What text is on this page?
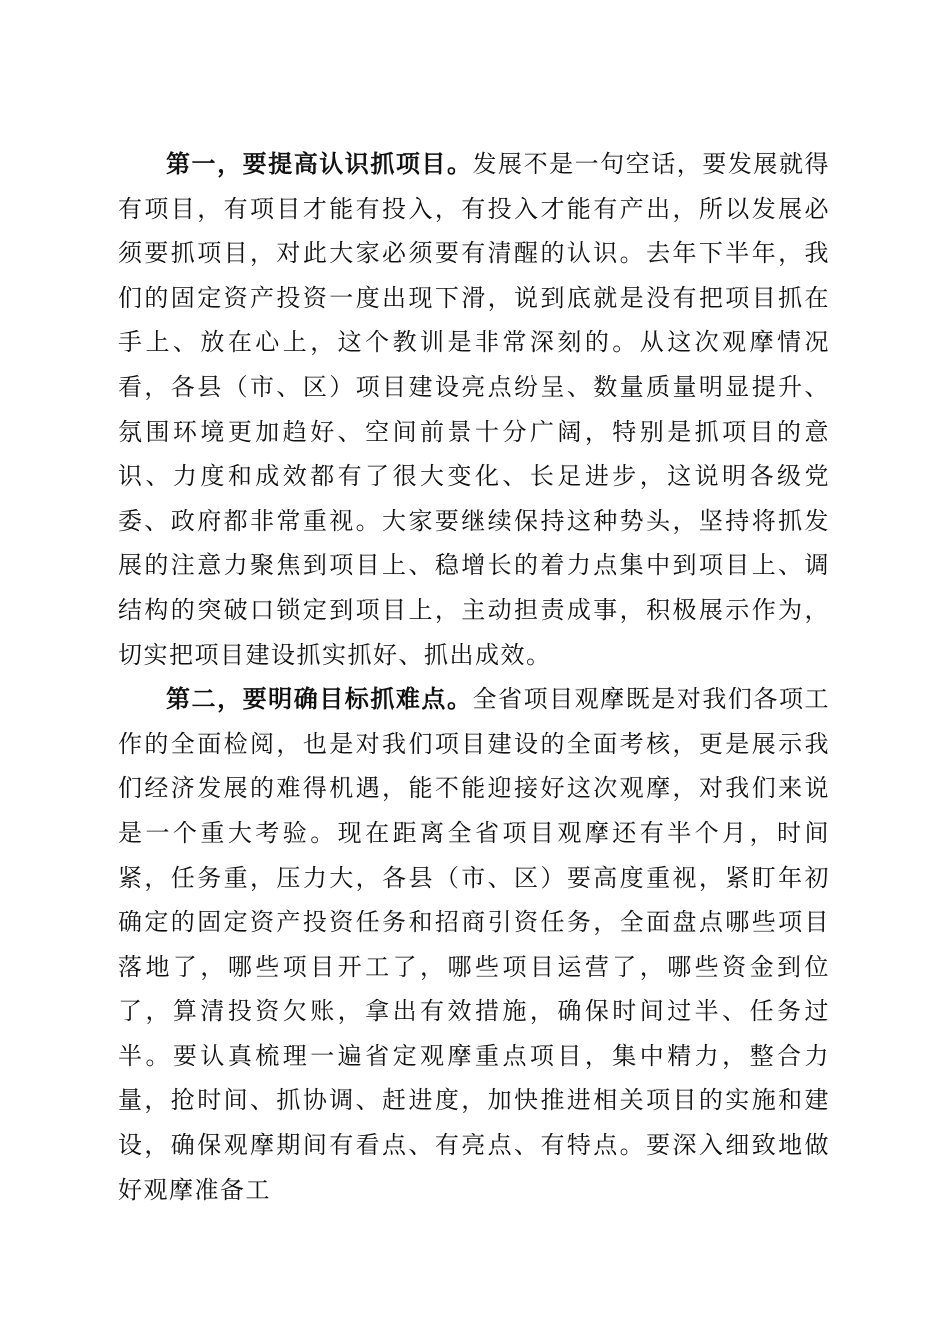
第一，要提高认识抓项目。发展不是一句空话，要发展就得有项目，有项目才能有投入，有投入才能有产出，所以发展必须要抓项目，对此大家必须要有清醒的认识。去年下半年，我们的固定资产投资一度出现下滑，说到底就是没有把项目抓在手上、放在心上，这个教训是非常深刻的。从这次观摩情况看，各县（市、区）项目建设亮点纷呈、数量质量明显提升、氛围环境更加趋好、空间前景十分广阔，特别是抓项目的意识、力度和成效都有了很大变化、长足进步，这说明各级党委、政府都非常重视。大家要继续保持这种势头，坚持将抓发展的注意力聚焦到项目上、稳增长的着力点集中到项目上、调结构的突破口锁定到项目上，主动担责成事，积极展示作为，切实把项目建设抓实抓好、抓出成效。

第二，要明确目标抓难点。全省项目观摩既是对我们各项工作的全面检阅，也是对我们项目建设的全面考核，更是展示我们经济发展的难得机遇，能不能迎接好这次观摩，对我们来说是一个重大考验。现在距离全省项目观摩还有半个月，时间紧，任务重，压力大，各县（市、区）要高度重视，紧盯年初确定的固定资产投资任务和招商引资任务，全面盘点哪些项目落地了，哪些项目开工了，哪些项目运营了，哪些资金到位了，算清投资欠账，拿出有效措施，确保时间过半、任务过半。要认真梳理一遍省定观摩重点项目，集中精力，整合力量，抢时间、抓协调、赶进度，加快推进相关项目的实施和建设，确保观摩期间有看点、有亮点、有特点。要深入细致地做好观摩准备工
